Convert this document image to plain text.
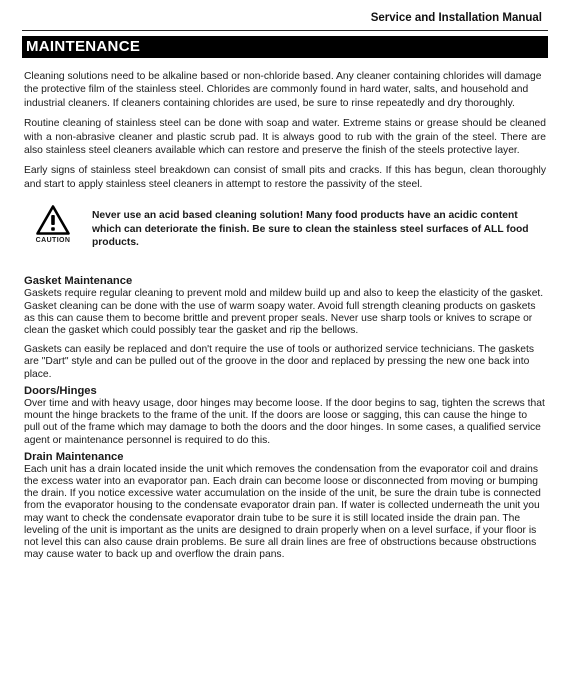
Service and Installation Manual
MAINTENANCE

Cleaning solutions need to be alkaline based or non-chloride based. Any cleaner containing chlorides will damage the protective film of the stainless steel. Chlorides are commonly found in hard water, salts, and household and industrial cleaners. If cleaners containing chlorides are used, be sure to rinse repeatedly and dry thoroughly.

Routine cleaning of stainless steel can be done with soap and water. Extreme stains or grease should be cleaned with a non-abrasive cleaner and plastic scrub pad. It is always good to rub with the grain of the steel. There are also stainless steel cleaners available which can restore and preserve the finish of the steels protective layer.

Early signs of stainless steel breakdown can consist of small pits and cracks. If this has begun, clean thoroughly and start to apply stainless steel cleaners in attempt to restore the passivity of the steel.

CAUTION
Never use an acid based cleaning solution! Many food products have an acidic content which can deteriorate the finish. Be sure to clean the stainless steel surfaces of ALL food products.
Gasket Maintenance

Gaskets require regular cleaning to prevent mold and mildew build up and also to keep the elasticity of the gasket. Gasket cleaning can be done with the use of warm soapy water. Avoid full strength cleaning products on gaskets as this can cause them to become brittle and prevent proper seals. Never use sharp tools or knives to scrape or clean the gasket which could possibly tear the gasket and rip the bellows.

Gaskets can easily be replaced and don't require the use of tools or authorized service technicians. The gaskets are "Dart" style and can be pulled out of the groove in the door and replaced by pressing the new one back into place.

Doors/Hinges

Over time and with heavy usage, door hinges may become loose. If the door begins to sag, tighten the screws that mount the hinge brackets to the frame of the unit. If the doors are loose or sagging, this can cause the hinge to pull out of the frame which may damage to both the doors and the door hinges. In some cases, a qualified service agent or maintenance personnel is required to do this.

Drain Maintenance

Each unit has a drain located inside the unit which removes the condensation from the evaporator coil and drains the excess water into an evaporator pan. Each drain can become loose or disconnected from moving or bumping the drain. If you notice excessive water accumulation on the inside of the unit, be sure the drain tube is connected from the evaporator housing to the condensate evaporator drain pan. If water is collected underneath the unit you may want to check the condensate evaporator drain tube to be sure it is still located inside the drain pan. The leveling of the unit is important as the units are designed to drain properly when on a level surface, if your floor is not level this can also cause drain problems. Be sure all drain lines are free of obstructions because obstructions may cause water to back up and overflow the drain pans.
